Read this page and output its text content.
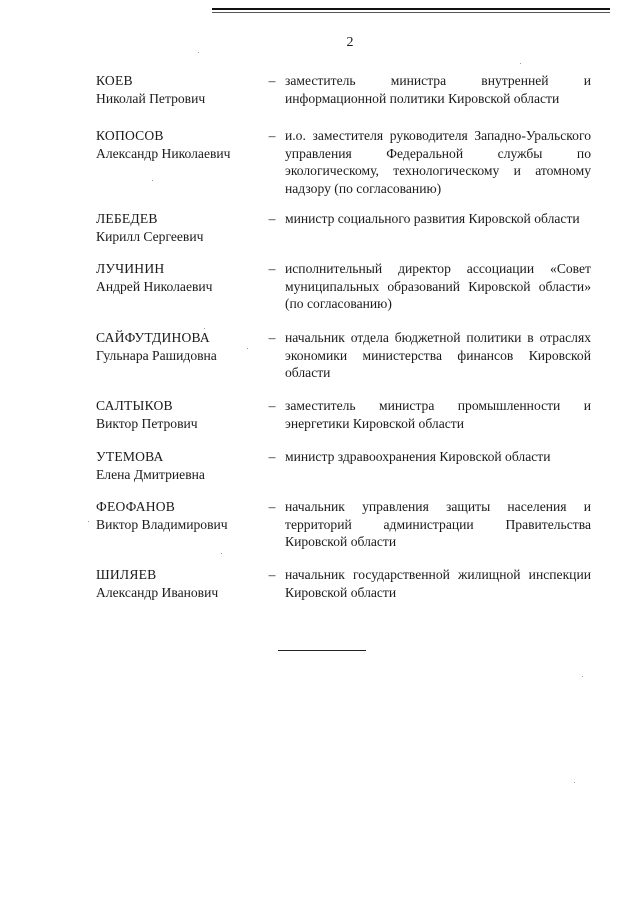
2
КОЕВ
Николай Петрович
– заместитель министра внутренней и информационной политики Кировской области
КОПОСОВ
Александр Николаевич
– и.о. заместителя руководителя Западно-Уральского управления Федеральной службы по экологическому, технологическому и атомному надзору (по согласованию)
ЛЕБЕДЕВ
Кирилл Сергеевич
– министр социального развития Кировской области
ЛУЧИНИН
Андрей Николаевич
– исполнительный директор ассоциации «Совет муниципальных образований Кировской области» (по согласованию)
САЙФУТДИНОВА
Гульнара Рашидовна
– начальник отдела бюджетной политики в отраслях экономики министерства финансов Кировской области
САЛТЫКОВ
Виктор Петрович
– заместитель министра промышленности и энергетики Кировской области
УТЕМОВА
Елена Дмитриевна
– министр здравоохранения Кировской области
ФЕОФАНОВ
Виктор Владимирович
– начальник управления защиты населения и территорий администрации Правительства Кировской области
ШИЛЯЕВ
Александр Иванович
– начальник государственной жилищной инспекции Кировской области
